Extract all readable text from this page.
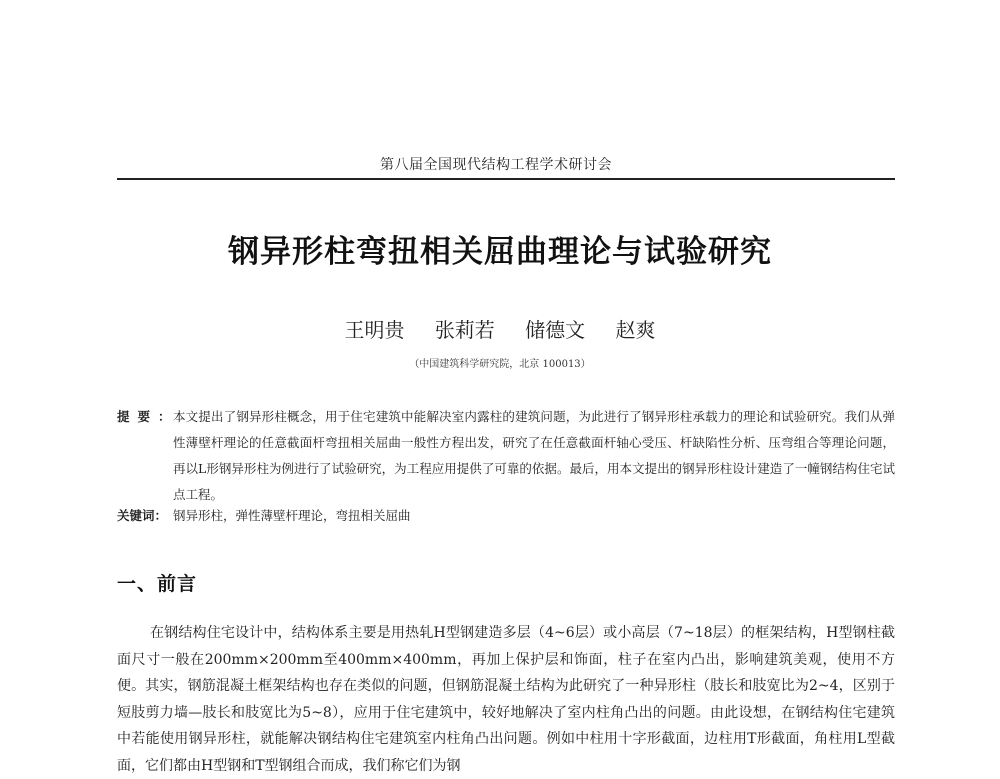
第八届全国现代结构工程学术研讨会
钢异形柱弯扭相关屈曲理论与试验研究
王明贵 张莉若 储德文 赵爽
（中国建筑科学研究院，北京 100013）
提要：
本文提出了钢异形柱概念，用于住宅建筑中能解决室内露柱的建筑问题，为此进行了钢异形柱承载力的理论和试验研究。我们从弹性薄壁杆理论的任意截面杆弯扭相关屈曲一般性方程出发，研究了在任意截面杆轴心受压、杆缺陷性分析、压弯组合等理论问题，再以L形钢异形柱为例进行了试验研究，为工程应用提供了可靠的依据。最后，用本文提出的钢异形柱设计建造了一幢钢结构住宅试点工程。
关键词： 钢异形柱，弹性薄壁杆理论，弯扭相关屈曲
一、前言
在钢结构住宅设计中，结构体系主要是用热轧H型钢建造多层（4~6层）或小高层（7~18层）的框架结构，H型钢柱截面尺寸一般在200mm×200mm至400mm×400mm，再加上保护层和饰面，柱子在室内凸出，影响建筑美观，使用不方便。其实，钢筋混凝土框架结构也存在类似的问题，但钢筋混凝土结构为此研究了一种异形柱（肢长和肢宽比为2~4，区别于短肢剪力墙—肢长和肢宽比为5~8），应用于住宅建筑中，较好地解决了室内柱角凸出的问题。由此设想，在钢结构住宅建筑中若能使用钢异形柱，就能解决钢结构住宅建筑室内柱角凸出问题。例如中柱用十字形截面，边柱用T形截面，角柱用L型截面，它们都由H型钢和T型钢组合而成，我们称它们为钢
